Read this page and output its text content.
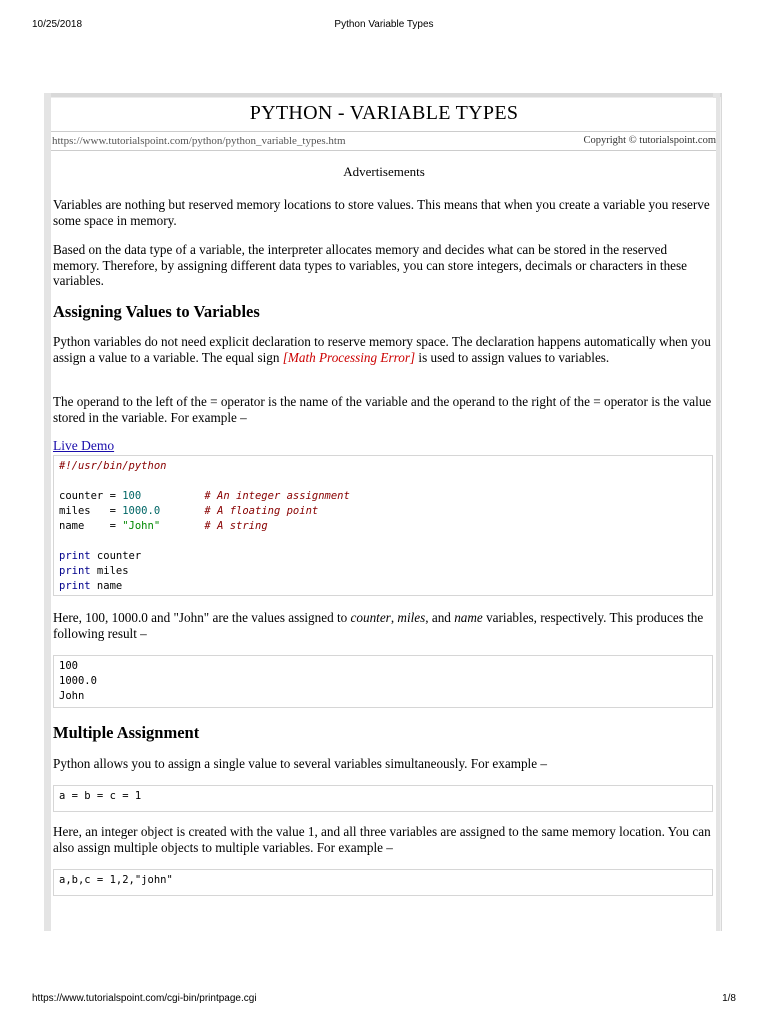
10/25/2018	Python Variable Types
PYTHON - VARIABLE TYPES
https://www.tutorialspoint.com/python/python_variable_types.htm	Copyright © tutorialspoint.com
Advertisements
Variables are nothing but reserved memory locations to store values. This means that when you create a variable you reserve some space in memory.
Based on the data type of a variable, the interpreter allocates memory and decides what can be stored in the reserved memory. Therefore, by assigning different data types to variables, you can store integers, decimals or characters in these variables.
Assigning Values to Variables
Python variables do not need explicit declaration to reserve memory space. The declaration happens automatically when you assign a value to a variable. The equal sign [Math Processing Error] is used to assign values to variables.
The operand to the left of the = operator is the name of the variable and the operand to the right of the = operator is the value stored in the variable. For example –
Live Demo
#!/usr/bin/python

counter = 100	# An integer assignment
miles   = 1000.0	# A floating point
name    = "John"	# A string

print counter
print miles
print name
Here, 100, 1000.0 and "John" are the values assigned to counter, miles, and name variables, respectively. This produces the following result –
100
1000.0
John
Multiple Assignment
Python allows you to assign a single value to several variables simultaneously. For example –
a = b = c = 1
Here, an integer object is created with the value 1, and all three variables are assigned to the same memory location. You can also assign multiple objects to multiple variables. For example –
a,b,c = 1,2,"john"
https://www.tutorialspoint.com/cgi-bin/printpage.cgi	1/8
